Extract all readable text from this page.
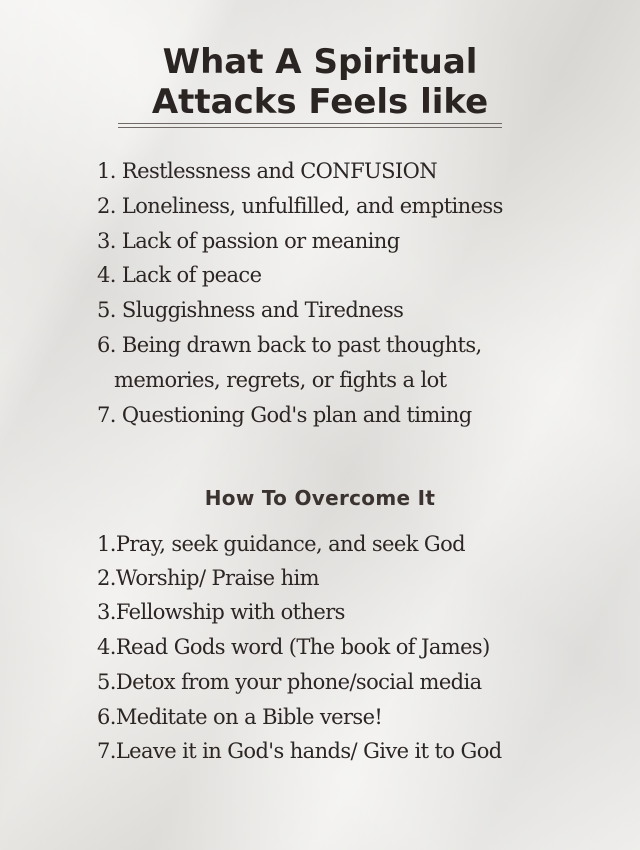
What A Spiritual
Attacks Feels like
1. Restlessness and CONFUSION
2. Loneliness, unfulfilled, and emptiness
3. Lack of passion or meaning
4. Lack of peace
5. Sluggishness and Tiredness
6. Being drawn back to past thoughts,
memories, regrets, or fights a lot
7. Questioning God's plan and timing
How To Overcome It
1.Pray, seek guidance, and seek God
2.Worship/ Praise him
3.Fellowship with others
4.Read Gods word (The book of James)
5.Detox from your phone/social media
6.Meditate on a Bible verse!
7.Leave it in God's hands/ Give it to God
